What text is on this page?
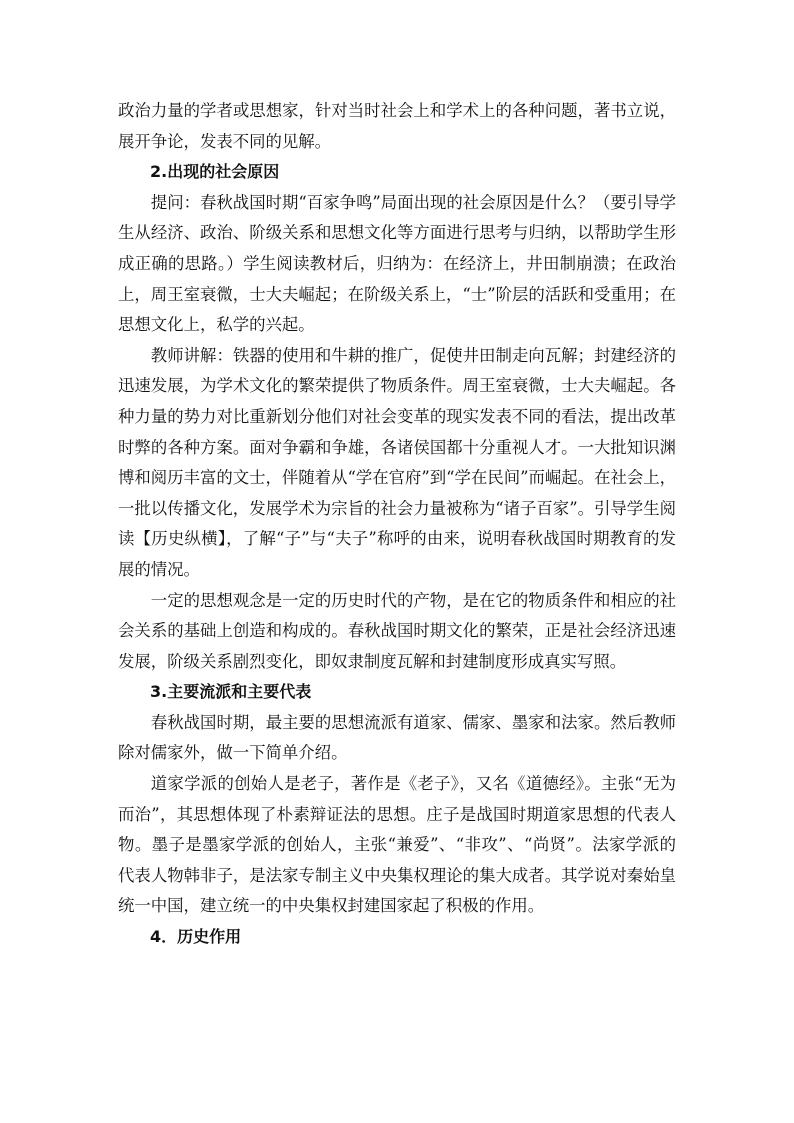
政治力量的学者或思想家，针对当时社会上和学术上的各种问题，著书立说，展开争论，发表不同的见解。

2.出现的社会原因

提问：春秋战国时期“百家争鸣”局面出现的社会原因是什么？（要引导学生从经济、政治、阶级关系和思想文化等方面进行思考与归纳，以帮助学生形成正确的思路。）学生阅读教材后，归纳为：在经济上，井田制崩溃；在政治上，周王室衰微，士大夫崛起；在阶级关系上，“士”阶层的活跃和受重用；在思想文化上，私学的兴起。

教师讲解：铁器的使用和牛耕的推广，促使井田制走向瓦解；封建经济的迅速发展，为学术文化的繁荣提供了物质条件。周王室衰微，士大夫崛起。各种力量的势力对比重新划分他们对社会变革的现实发表不同的看法，提出改革时弊的各种方案。面对争霸和争雄，各诸侯国都十分重视人才。一大批知识渊博和阅历丰富的文士，伴随着从“学在官府”到“学在民间”而崛起。在社会上，一批以传播文化，发展学术为宗旨的社会力量被称为“诸子百家”。引导学生阅读【历史纵横】，了解“子”与“夫子”称呼的由来，说明春秋战国时期教育的发展的情况。

一定的思想观念是一定的历史时代的产物，是在它的物质条件和相应的社会关系的基础上创造和构成的。春秋战国时期文化的繁荣，正是社会经济迅速发展，阶级关系剧烈变化，即奴隶制度瓦解和封建制度形成真实写照。

3.主要流派和主要代表

春秋战国时期，最主要的思想流派有道家、儒家、墨家和法家。然后教师除对儒家外，做一下简单介绍。

道家学派的创始人是老子，著作是《老子》，又名《道德经》。主张“无为而治”，其思想体现了朴素辩证法的思想。庄子是战国时期道家思想的代表人物。墨子是墨家学派的创始人，主张“兼爱”、“非攻”、“尚贤”。法家学派的代表人物韩非子，是法家专制主义中央集权理论的集大成者。其学说对秦始皇统一中国，建立统一的中央集权封建国家起了积极的作用。

4．历史作用
